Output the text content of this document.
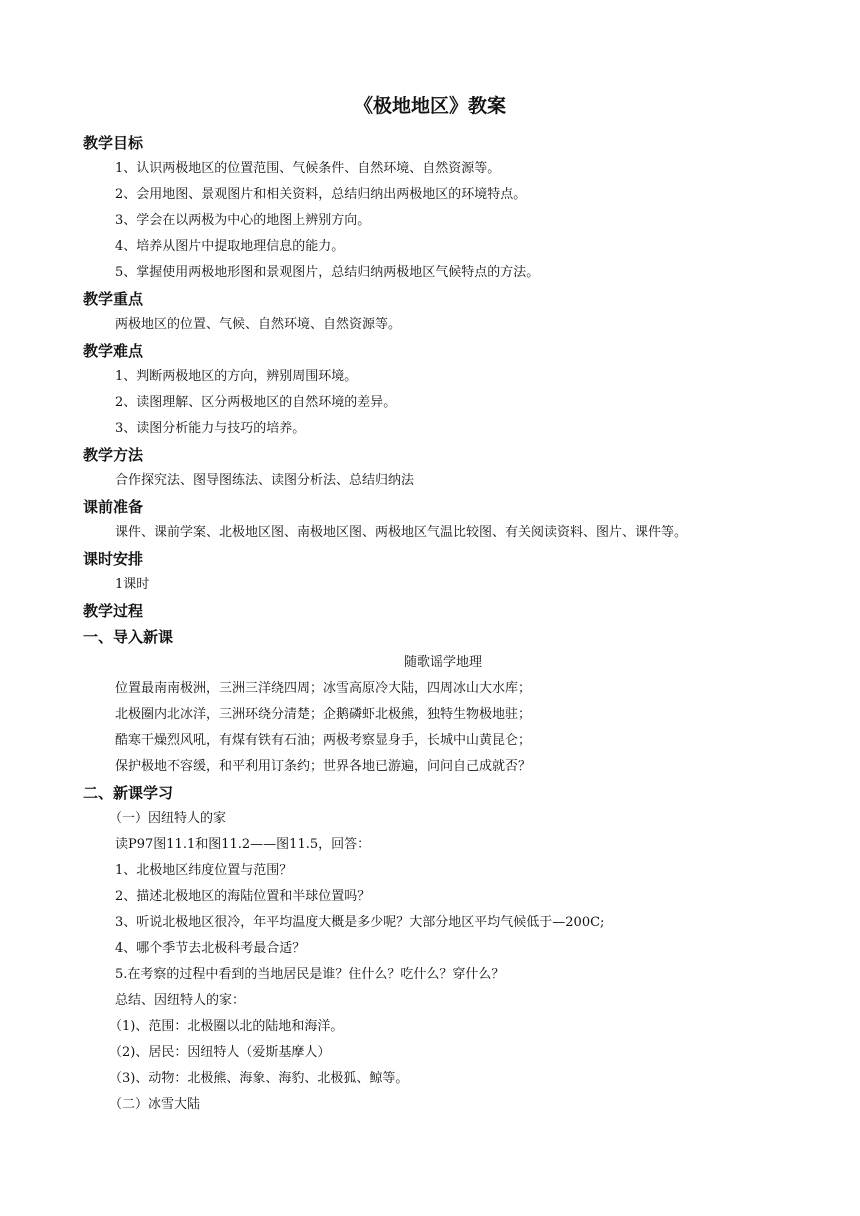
《极地地区》教案
教学目标
1、认识两极地区的位置范围、气候条件、自然环境、自然资源等。
2、会用地图、景观图片和相关资料，总结归纳出两极地区的环境特点。
3、学会在以两极为中心的地图上辨别方向。
4、培养从图片中提取地理信息的能力。
5、掌握使用两极地形图和景观图片，总结归纳两极地区气候特点的方法。
教学重点
两极地区的位置、气候、自然环境、自然资源等。
教学难点
1、判断两极地区的方向，辨别周围环境。
2、读图理解、区分两极地区的自然环境的差异。
3、读图分析能力与技巧的培养。
教学方法
合作探究法、图导图练法、读图分析法、总结归纳法
课前准备
课件、课前学案、北极地区图、南极地区图、两极地区气温比较图、有关阅读资料、图片、课件等。
课时安排
1课时
教学过程
一、导入新课
随歌谣学地理
位置最南南极洲，三洲三洋绕四周；冰雪高原冷大陆，四周冰山大水库；
北极圈内北冰洋，三洲环绕分清楚；企鹅磷虾北极熊，独特生物极地驻；
酷寒干燥烈风吼，有煤有铁有石油；两极考察显身手，长城中山黄昆仑；
保护极地不容缓，和平利用订条约；世界各地已游遍，问问自己成就否？
二、新课学习
（一）因纽特人的家
读P97图11.1和图11.2——图11.5，回答：
1、北极地区纬度位置与范围？
2、描述北极地区的海陆位置和半球位置吗？
3、听说北极地区很冷，年平均温度大概是多少呢？大部分地区平均气候低于—200C;
4、哪个季节去北极科考最合适？
5.在考察的过程中看到的当地居民是谁？住什么？吃什么？穿什么？
总结、因纽特人的家：
（1)、范围：北极圈以北的陆地和海洋。
（2)、居民：因纽特人（爱斯基摩人）
（3)、动物：北极熊、海象、海豹、北极狐、鲸等。
（二）冰雪大陆
